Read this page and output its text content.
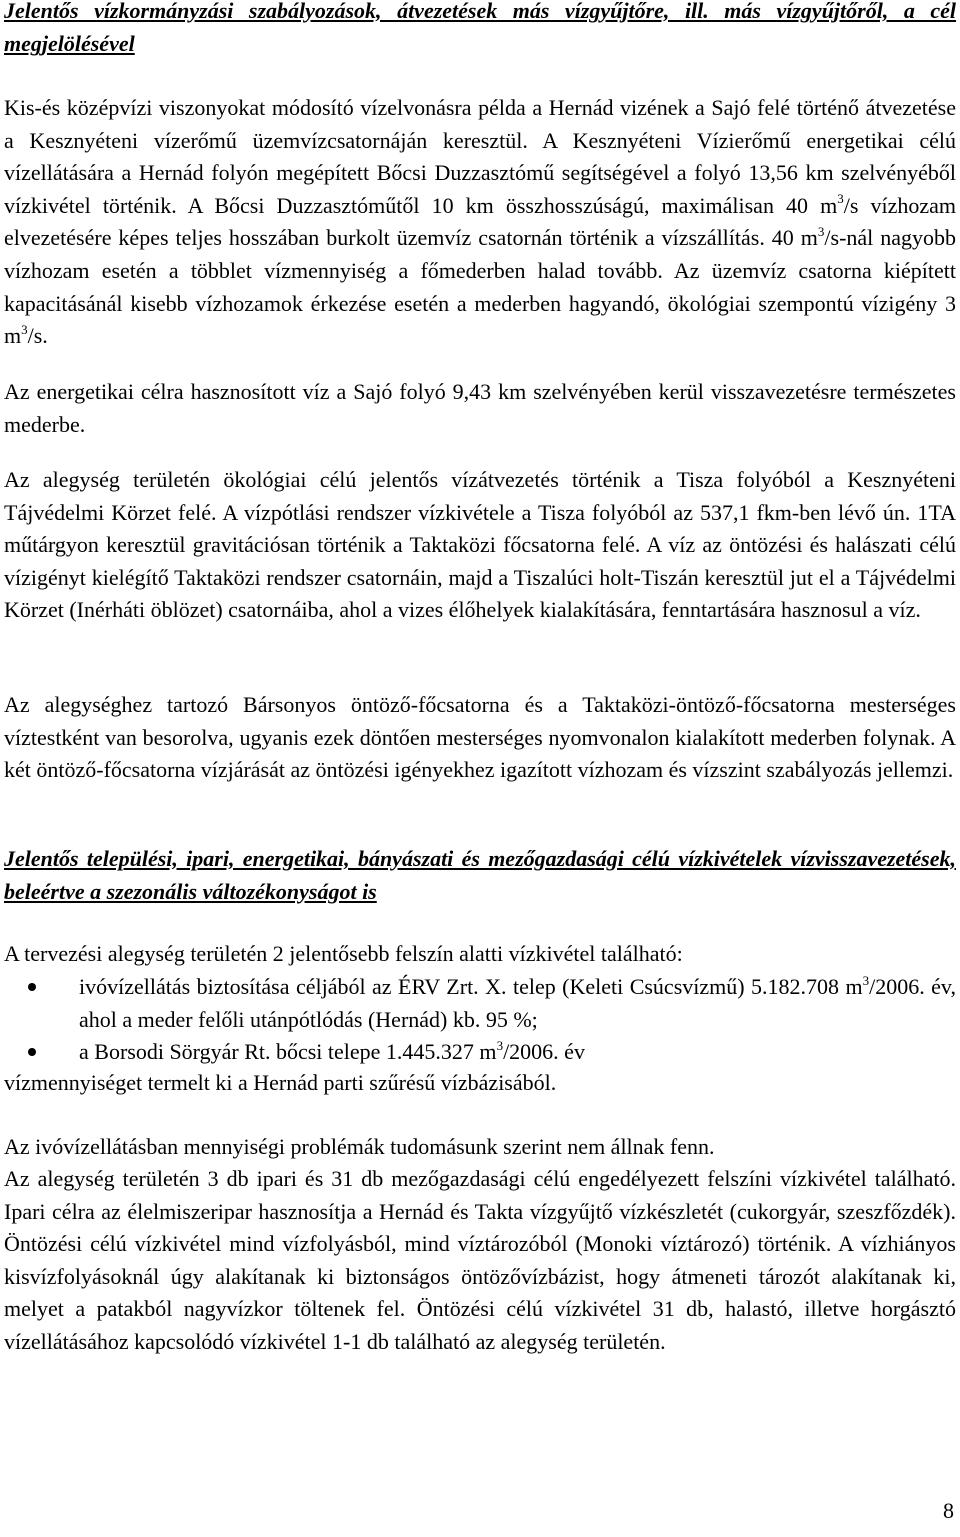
Jelentős vízkormányzási szabályozások, átvezetések más vízgyűjtőre, ill. más vízgyűjtőről, a cél megjelölésével

Kis-és középvízi viszonyokat módosító vízelvonásra példa a Hernád vizének a Sajó felé történő átvezetése a Kesznyéteni vízerőmű üzemvízcsatornáján keresztül. A Kesznyéteni Vízierőmű energetikai célú vízellátására a Hernád folyón megépített Bőcsi Duzzasztómű segítségével a folyó 13,56 km szelvényéből vízkivétel történik. A Bőcsi Duzzasztóműtől 10 km összhosszúságú, maximálisan 40 $m^3/s$ vízhozam elvezetésére képes teljes hosszában burkolt üzemvíz csatornán történik a vízszállítás. 40 $m^3/s$-nál nagyobb vízhozam esetén a többlet vízmennyiség a főmederben halad tovább. Az üzemvíz csatorna kiépített kapacitásánál kisebb vízhozamok érkezése esetén a mederben hagyandó, ökológiai szempontú vízigény 3 $m^3/s$.

Az energetikai célra hasznosított víz a Sajó folyó 9,43 km szelvényében kerül visszavezetésre természetes mederbe.

Az alegység területén ökológiai célú jelentős vízátvezetés történik a Tisza folyóból a Kesznyéteni Tájvédelmi Körzet felé. A vízpótlási rendszer vízkivétele a Tisza folyóból az 537,1 fkm-ben lévő ún. 1TA műtárgyon keresztül gravitációsan történik a Taktaközi főcsatorna felé. A víz az öntözési és halászati célú vízigényt kielégítő Taktaközi rendszer csatornáin, majd a Tiszalúci holt-Tiszán keresztül jut el a Tájvédelmi Körzet (Inérháti öblözet) csatornáiba, ahol a vizes élőhelyek kialakítására, fenntartására hasznosul a víz.

Az alegységhez tartozó Bársonyos öntöző-főcsatorna és a Taktaközi-öntöző-főcsatorna mesterséges víztestként van besorolva, ugyanis ezek döntően mesterséges nyomvonalon kialakított mederben folynak. A két öntöző-főcsatorna vízjárását az öntözési igényekhez igazított vízhozam és vízszint szabályozás jellemzi.

Jelentős települési, ipari, energetikai, bányászati és mezőgazdasági célú vízkivételek vízvisszavezetések, beleértve a szezonális változékonyságot is

A tervezési alegység területén 2 jelentősebb felszín alatti vízkivétel található:

ivóvízellátás biztosítása céljából az ÉRV Zrt. X. telep (Keleti Csúcsvízmű) 5.182.708 $m^3/2006$. év, ahol a meder felőli utánpótlódás (Hernád) kb. 95 %;
a Borsodi Sörgyár Rt. bőcsi telepe 1.445.327 $m^3/2006$. év

vízmennyiséget termelt ki a Hernád parti szűrésű vízbázisából.

Az ivóvízellátásban mennyiségi problémák tudomásunk szerint nem állnak fenn.

Az alegység területén 3 db ipari és 31 db mezőgazdasági célú engedélyezett felszíni vízkivétel található. Ipari célra az élelmiszeripar hasznosítja a Hernád és Takta vízgyűjtő vízkészletét (cukorgyár, szeszfőzdék). Öntözési célú vízkivétel mind vízfolyásból, mind víztározóból (Monoki víztározó) történik. A vízhiányos kisvízfolyásoknál úgy alakítanak ki biztonságos öntözővízbázist, hogy átmeneti tározót alakítanak ki, melyet a patakból nagyvízkor töltenek fel. Öntözési célú vízkivétel 31 db, halastó, illetve horgásztó vízellátásához kapcsolódó vízkivétel 1-1 db található az alegység területén.

8
